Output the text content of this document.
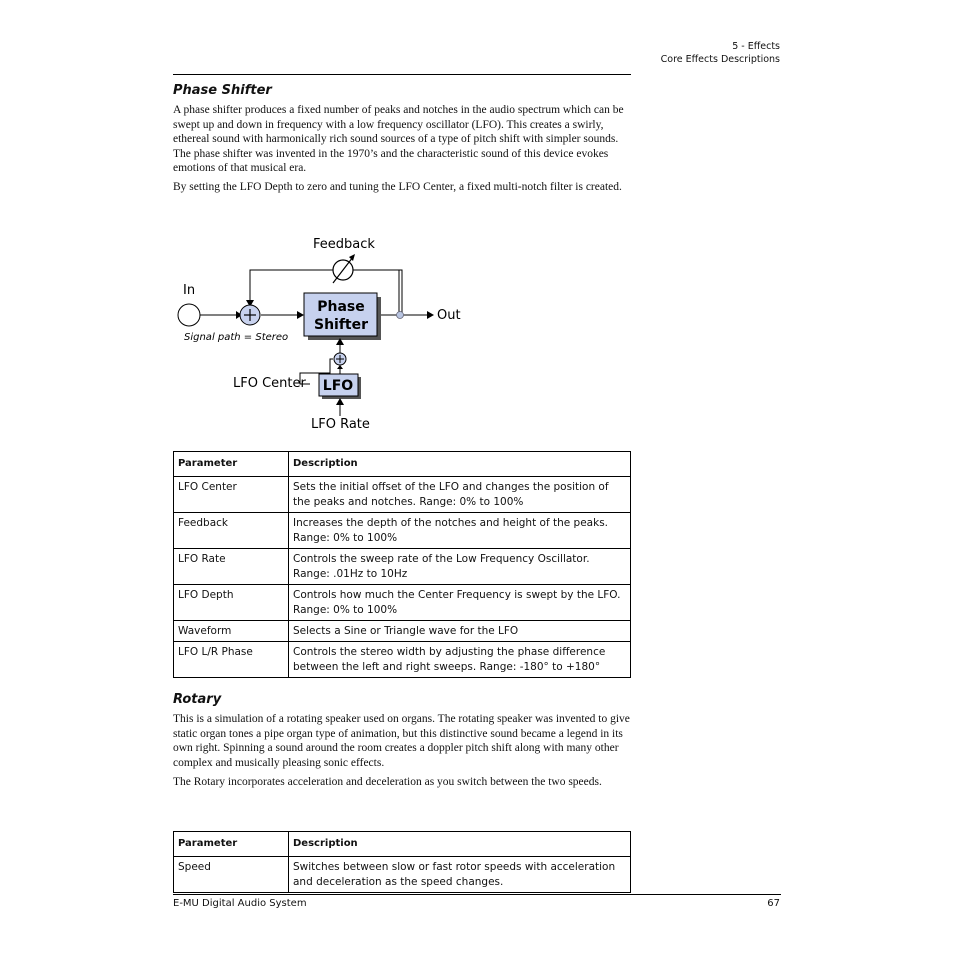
5 - Effects
Core Effects Descriptions
Phase Shifter

A phase shifter produces a fixed number of peaks and notches in the audio spectrum which can be swept up and down in frequency with a low frequency oscillator (LFO). This creates a swirly, ethereal sound with harmonically rich sound sources of a type of pitch shift with simpler sounds. The phase shifter was invented in the 1970’s and the characteristic sound of this device evokes emotions of that musical era.

By setting the LFO Depth to zero and tuning the LFO Center, a fixed multi-notch filter is created.

Phase
Shifter
LFO
Feedback
In
Out
Signal path = Stereo
LFO Center
LFO Rate
Parameter	Description
LFO Center	Sets the initial offset of the LFO and changes the position of the peaks and notches. Range: 0% to 100%
Feedback	Increases the depth of the notches and height of the peaks. Range: 0% to 100%
LFO Rate	Controls the sweep rate of the Low Frequency Oscillator. Range: .01Hz to 10Hz
LFO Depth	Controls how much the Center Frequency is swept by the LFO. Range: 0% to 100%
Waveform	Selects a Sine or Triangle wave for the LFO
LFO L/R Phase	Controls the stereo width by adjusting the phase difference between the left and right sweeps. Range: -180° to +180°
Rotary

This is a simulation of a rotating speaker used on organs. The rotating speaker was invented to give static organ tones a pipe organ type of animation, but this distinctive sound became a legend in its own right. Spinning a sound around the room creates a doppler pitch shift along with many other complex and musically pleasing sonic effects.

The Rotary incorporates acceleration and deceleration as you switch between the two speeds.

Parameter	Description
Speed	Switches between slow or fast rotor speeds with acceleration and deceleration as the speed changes.
E-MU Digital Audio System	67
